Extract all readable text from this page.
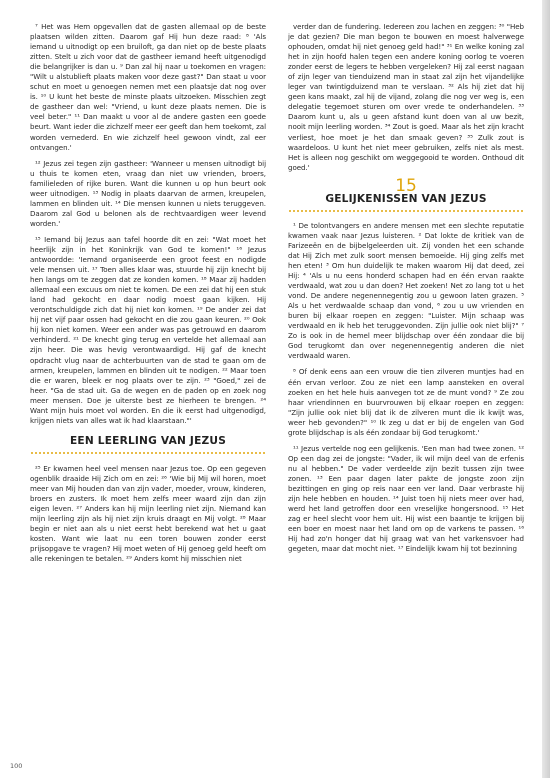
⁷ Het was Hem opgevallen dat de gasten allemaal op de beste plaatsen wilden zitten. Daarom gaf Hij hun deze raad: ⁸ 'Als iemand u uitnodigt op een bruiloft, ga dan niet op de beste plaats zitten. Stelt u zich voor dat de gastheer iemand heeft uitgenodigd die belangrijker is dan u. ⁹ Dan zal hij naar u toekomen en vragen: "Wilt u alstublieft plaats maken voor deze gast?" Dan staat u voor schut en moet u genoegen nemen met een plaatsje dat nog over is. ¹⁰ U kunt het beste de minste plaats uitzoeken. Misschien zegt de gastheer dan wel: "Vriend, u kunt deze plaats nemen. Die is veel beter." ¹¹ Dan maakt u voor al de andere gasten een goede beurt. Want ieder die zichzelf meer eer geeft dan hem toekomt, zal worden vernederd. En wie zichzelf heel gewoon vindt, zal eer ontvangen.'

¹² Jezus zei tegen zijn gastheer: 'Wanneer u mensen uitnodigt bij u thuis te komen eten, vraag dan niet uw vrienden, broers, familieleden of rijke buren. Want die kunnen u op hun beurt ook weer uitnodigen. ¹³ Nodig in plaats daarvan de armen, kreupelen, lammen en blinden uit. ¹⁴ Die mensen kunnen u niets teruggeven. Daarom zal God u belonen als de rechtvaardigen weer levend worden.'

¹⁵ Iemand bij Jezus aan tafel hoorde dit en zei: "Wat moet het heerlijk zijn in het Koninkrijk van God te komen!" ¹⁶ Jezus antwoordde: 'Iemand organiseerde een groot feest en nodigde vele mensen uit. ¹⁷ Toen alles klaar was, stuurde hij zijn knecht bij hen langs om te zeggen dat ze konden komen. ¹⁸ Maar zij hadden allemaal een excuus om niet te komen. De een zei dat hij een stuk land had gekocht en daar nodig moest gaan kijken. Hij verontschuldigde zich dat hij niet kon komen. ¹⁹ De ander zei dat hij net vijf paar ossen had gekocht en die zou gaan keuren. ²⁰ Ook hij kon niet komen. Weer een ander was pas getrouwd en daarom verhinderd. ²¹ De knecht ging terug en vertelde het allemaal aan zijn heer. Die was hevig verontwaardigd. Hij gaf de knecht opdracht vlug naar de achterbuurten van de stad te gaan om de armen, kreupelen, lammen en blinden uit te nodigen. ²² Maar toen die er waren, bleek er nog plaats over te zijn. ²³ "Goed," zei de heer. "Ga de stad uit. Ga de wegen en de paden op en zoek nog meer mensen. Doe je uiterste best ze hierheen te brengen. ²⁴ Want mijn huis moet vol worden. En die ik eerst had uitgenodigd, krijgen niets van alles wat ik had klaarstaan."'

EEN LEERLING VAN JEZUS

²⁵ Er kwamen heel veel mensen naar Jezus toe. Op een gegeven ogenblik draaide Hij Zich om en zei: ²⁶ 'Wie bij Mij wil horen, moet meer van Mij houden dan van zijn vader, moeder, vrouw, kinderen, broers en zusters. Ik moet hem zelfs meer waard zijn dan zijn eigen leven. ²⁷ Anders kan hij mijn leerling niet zijn. Niemand kan mijn leerling zijn als hij niet zijn kruis draagt en Mij volgt. ²⁸ Maar begin er niet aan als u niet eerst hebt berekend wat het u gaat kosten. Want wie laat nu een toren bouwen zonder eerst prijsopgave te vragen? Hij moet weten of Hij genoeg geld heeft om alle rekeningen te betalen. ²⁹ Anders komt hij misschien niet

verder dan de fundering. Iedereen zou lachen en zeggen: ³⁰ "Heb je dat gezien? Die man begon te bouwen en moest halverwege ophouden, omdat hij niet genoeg geld had!" ³¹ En welke koning zal het in zijn hoofd halen tegen een andere koning oorlog te voeren zonder eerst de legers te hebben vergeleken? Hij zal eerst nagaan of zijn leger van tienduizend man in staat zal zijn het vijandelijke leger van twintigduizend man te verslaan. ³² Als hij ziet dat hij geen kans maakt, zal hij de vijand, zolang die nog ver weg is, een delegatie tegemoet sturen om over vrede te onderhandelen. ³³ Daarom kunt u, als u geen afstand kunt doen van al uw bezit, nooit mijn leerling worden. ³⁴ Zout is goed. Maar als het zijn kracht verliest, hoe moet je het dan smaak geven? ³⁵ Zulk zout is waardeloos. U kunt het niet meer gebruiken, zelfs niet als mest. Het is alleen nog geschikt om weggegooid te worden. Onthoud dit goed.'

15
GELIJKENISSEN VAN JEZUS

¹ De tolontvangers en andere mensen met een slechte reputatie kwamen vaak naar Jezus luisteren. ² Dat lokte de kritiek van de Farizeeën en de bijbelgeleerden uit. Zij vonden het een schande dat Hij Zich met zulk soort mensen bemoeide. Hij ging zelfs met hen eten! ³ Om hun duidelijk te maken waarom Hij dat deed, zei Hij: ⁴ 'Als u nu eens honderd schapen had en één ervan raakte verdwaald, wat zou u dan doen? Het zoeken! Net zo lang tot u het vond. De andere negenennegentig zou u gewoon laten grazen. ⁵ Als u het verdwaalde schaap dan vond, ⁶ zou u uw vrienden en buren bij elkaar roepen en zeggen: "Luister. Mijn schaap was verdwaald en ik heb het teruggevonden. Zijn jullie ook niet blij?" ⁷ Zo is ook in de hemel meer blijdschap over één zondaar die bij God terugkomt dan over negenennegentig anderen die niet verdwaald waren.

⁸ Of denk eens aan een vrouw die tien zilveren muntjes had en één ervan verloor. Zou ze niet een lamp aansteken en overal zoeken en het hele huis aanvegen tot ze de munt vond? ⁹ Ze zou haar vriendinnen en buurvrouwen bij elkaar roepen en zeggen: "Zijn jullie ook niet blij dat ik de zilveren munt die ik kwijt was, weer heb gevonden?" ¹⁰ Ik zeg u dat er bij de engelen van God grote blijdschap is als één zondaar bij God terugkomt.'

¹¹ Jezus vertelde nog een gelijkenis. 'Een man had twee zonen. ¹² Op een dag zei de jongste: "Vader, ik wil mijn deel van de erfenis nu al hebben." De vader verdeelde zijn bezit tussen zijn twee zonen. ¹³ Een paar dagen later pakte de jongste zoon zijn bezittingen en ging op reis naar een ver land. Daar verbraste hij zijn hele hebben en houden. ¹⁴ Juist toen hij niets meer over had, werd het land getroffen door een vreselijke hongersnood. ¹⁵ Het zag er heel slecht voor hem uit. Hij wist een baantje te krijgen bij een boer en moest naar het land om op de varkens te passen. ¹⁶ Hij had zo'n honger dat hij graag wat van het varkensvoer had gegeten, maar dat mocht niet. ¹⁷ Eindelijk kwam hij tot bezinning

100
